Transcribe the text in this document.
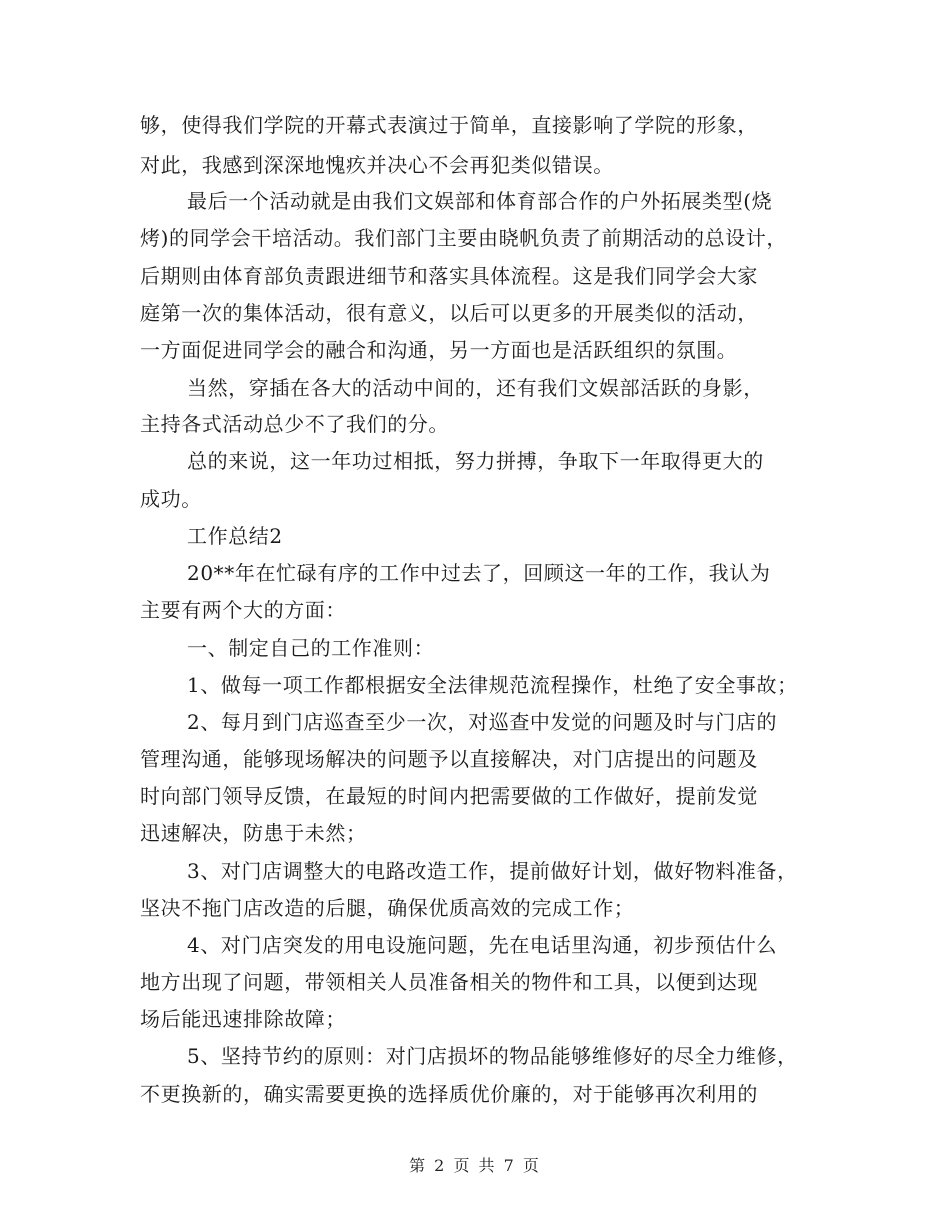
够，使得我们学院的开幕式表演过于简单，直接影响了学院的形象，
对此，我感到深深地愧疚并决心不会再犯类似错误。
最后一个活动就是由我们文娱部和体育部合作的户外拓展类型(烧
烤)的同学会干培活动。我们部门主要由晓帆负责了前期活动的总设计，
后期则由体育部负责跟进细节和落实具体流程。这是我们同学会大家
庭第一次的集体活动，很有意义，以后可以更多的开展类似的活动，
一方面促进同学会的融合和沟通，另一方面也是活跃组织的氛围。
当然，穿插在各大的活动中间的，还有我们文娱部活跃的身影，
主持各式活动总少不了我们的分。
总的来说，这一年功过相抵，努力拼搏，争取下一年取得更大的
成功。
工作总结2
20**年在忙碌有序的工作中过去了，回顾这一年的工作，我认为
主要有两个大的方面：
一、制定自己的工作准则：
1、做每一项工作都根据安全法律规范流程操作，杜绝了安全事故；
2、每月到门店巡查至少一次，对巡查中发觉的问题及时与门店的
管理沟通，能够现场解决的问题予以直接解决，对门店提出的问题及
时向部门领导反馈，在最短的时间内把需要做的工作做好，提前发觉
迅速解决，防患于未然；
3、对门店调整大的电路改造工作，提前做好计划，做好物料准备，
坚决不拖门店改造的后腿，确保优质高效的完成工作；
4、对门店突发的用电设施问题，先在电话里沟通，初步预估什么
地方出现了问题，带领相关人员准备相关的物件和工具，以便到达现
场后能迅速排除故障；
5、坚持节约的原则：对门店损坏的物品能够维修好的尽全力维修，
不更换新的，确实需要更换的选择质优价廉的，对于能够再次利用的
第 2 页 共 7 页
